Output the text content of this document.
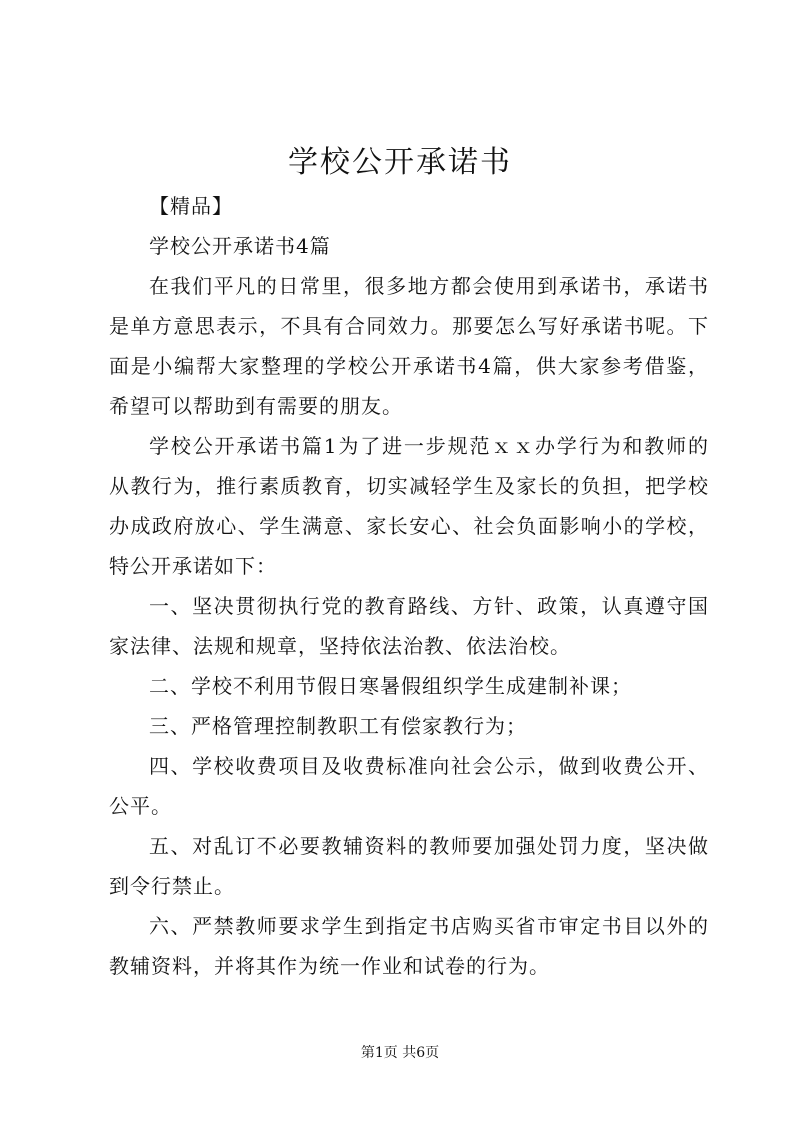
学校公开承诺书
【精品】
学校公开承诺书4篇
在我们平凡的日常里，很多地方都会使用到承诺书，承诺书
是单方意思表示，不具有合同效力。那要怎么写好承诺书呢。下
面是小编帮大家整理的学校公开承诺书4篇，供大家参考借鉴，
希望可以帮助到有需要的朋友。
学校公开承诺书篇1为了进一步规范ｘｘ办学行为和教师的
从教行为，推行素质教育，切实减轻学生及家长的负担，把学校
办成政府放心、学生满意、家长安心、社会负面影响小的学校，
特公开承诺如下：
一、坚决贯彻执行党的教育路线、方针、政策，认真遵守国
家法律、法规和规章，坚持依法治教、依法治校。
二、学校不利用节假日寒暑假组织学生成建制补课；
三、严格管理控制教职工有偿家教行为；
四、学校收费项目及收费标准向社会公示，做到收费公开、
公平。
五、对乱订不必要教辅资料的教师要加强处罚力度，坚决做
到令行禁止。
六、严禁教师要求学生到指定书店购买省市审定书目以外的
教辅资料，并将其作为统一作业和试卷的行为。
第1页 共6页
